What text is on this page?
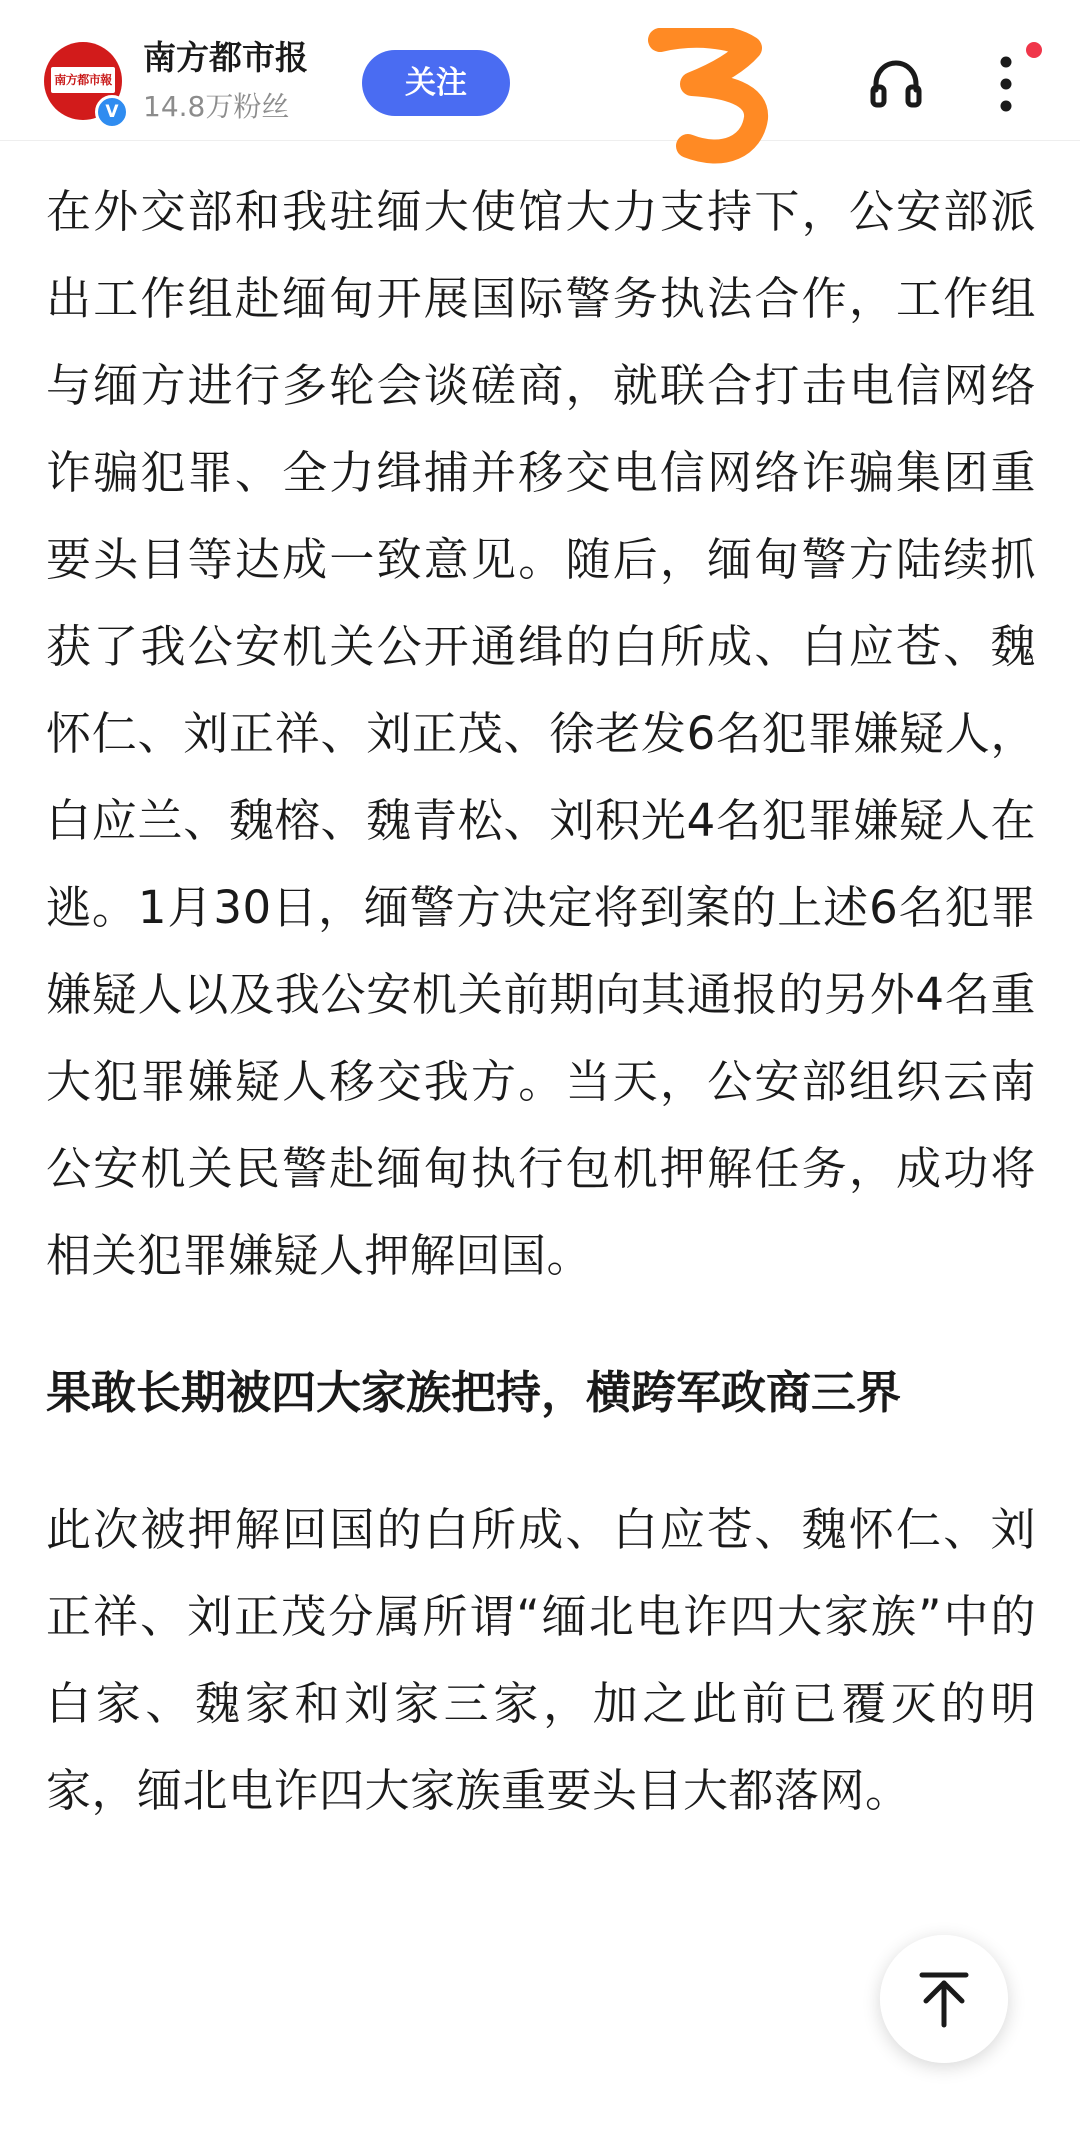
南方都市報
V
南方都市报
14.8万粉丝
关注

在外交部和我驻缅大使馆大力支持下，公安部派出工作组赴缅甸开展国际警务执法合作，工作组与缅方进行多轮会谈磋商，就联合打击电信网络诈骗犯罪、全力缉捕并移交电信网络诈骗集团重要头目等达成一致意见。随后，缅甸警方陆续抓获了我公安机关公开通缉的白所成、白应苍、魏怀仁、刘正祥、刘正茂、徐老发6名犯罪嫌疑人，白应兰、魏榕、魏青松、刘积光4名犯罪嫌疑人在逃。1月30日，缅警方决定将到案的上述6名犯罪嫌疑人以及我公安机关前期向其通报的另外4名重大犯罪嫌疑人移交我方。当天，公安部组织云南公安机关民警赴缅甸执行包机押解任务，成功将相关犯罪嫌疑人押解回国。

果敢长期被四大家族把持，横跨军政商三界

此次被押解回国的白所成、白应苍、魏怀仁、刘正祥、刘正茂分属所谓“缅北电诈四大家族”中的白家、魏家和刘家三家，加之此前已覆灭的明家，缅北电诈四大家族重要头目大都落网。
